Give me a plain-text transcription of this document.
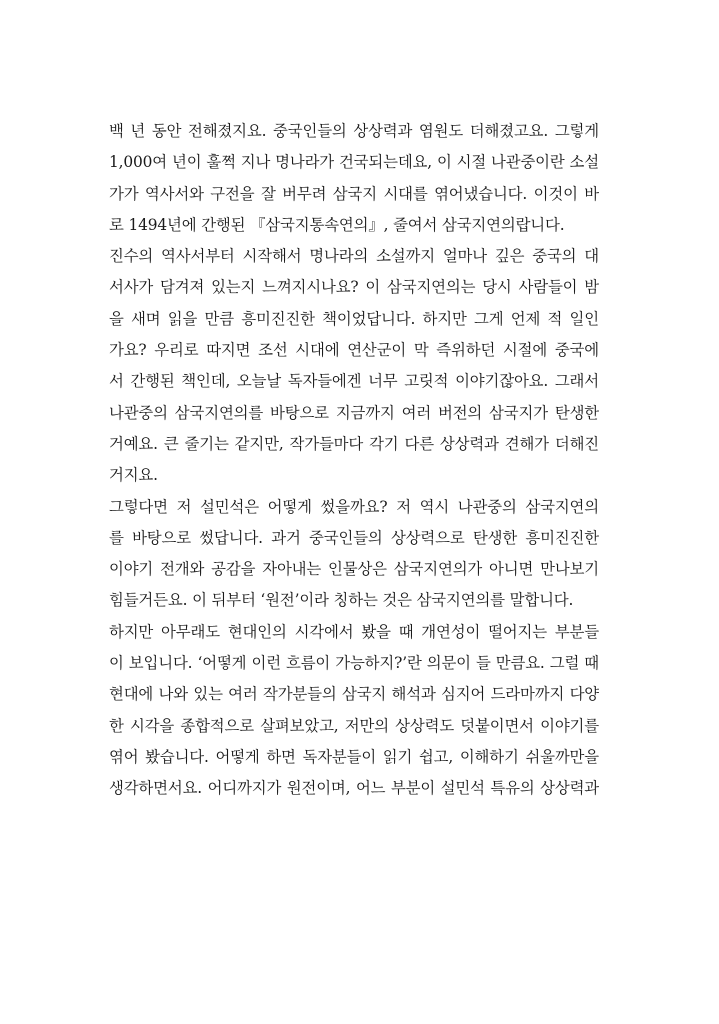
백 년 동안 전해졌지요. 중국인들의 상상력과 염원도 더해졌고요. 그렇게
1,000여 년이 훌쩍 지나 명나라가 건국되는데요, 이 시절 나관중이란 소설
가가 역사서와 구전을 잘 버무려 삼국지 시대를 엮어냈습니다. 이것이 바
로 1494년에 간행된 『삼국지통속연의』, 줄여서 삼국지연의랍니다.
진수의 역사서부터 시작해서 명나라의 소설까지 얼마나 깊은 중국의 대
서사가 담겨져 있는지 느껴지시나요? 이 삼국지연의는 당시 사람들이 밤
을 새며 읽을 만큼 흥미진진한 책이었답니다. 하지만 그게 언제 적 일인
가요? 우리로 따지면 조선 시대에 연산군이 막 즉위하던 시절에 중국에
서 간행된 책인데, 오늘날 독자들에겐 너무 고릿적 이야기잖아요. 그래서
나관중의 삼국지연의를 바탕으로 지금까지 여러 버전의 삼국지가 탄생한
거예요. 큰 줄기는 같지만, 작가들마다 각기 다른 상상력과 견해가 더해진
거지요.
그렇다면 저 설민석은 어떻게 썼을까요? 저 역시 나관중의 삼국지연의
를 바탕으로 썼답니다. 과거 중국인들의 상상력으로 탄생한 흥미진진한
이야기 전개와 공감을 자아내는 인물상은 삼국지연의가 아니면 만나보기
힘들거든요. 이 뒤부터 ‘원전’이라 칭하는 것은 삼국지연의를 말합니다.
하지만 아무래도 현대인의 시각에서 봤을 때 개연성이 떨어지는 부분들
이 보입니다. ‘어떻게 이런 흐름이 가능하지?’란 의문이 들 만큼요. 그럴 때
현대에 나와 있는 여러 작가분들의 삼국지 해석과 심지어 드라마까지 다양
한 시각을 종합적으로 살펴보았고, 저만의 상상력도 덧붙이면서 이야기를
엮어 봤습니다. 어떻게 하면 독자분들이 읽기 쉽고, 이해하기 쉬울까만을
생각하면서요. 어디까지가 원전이며, 어느 부분이 설민석 특유의 상상력과
